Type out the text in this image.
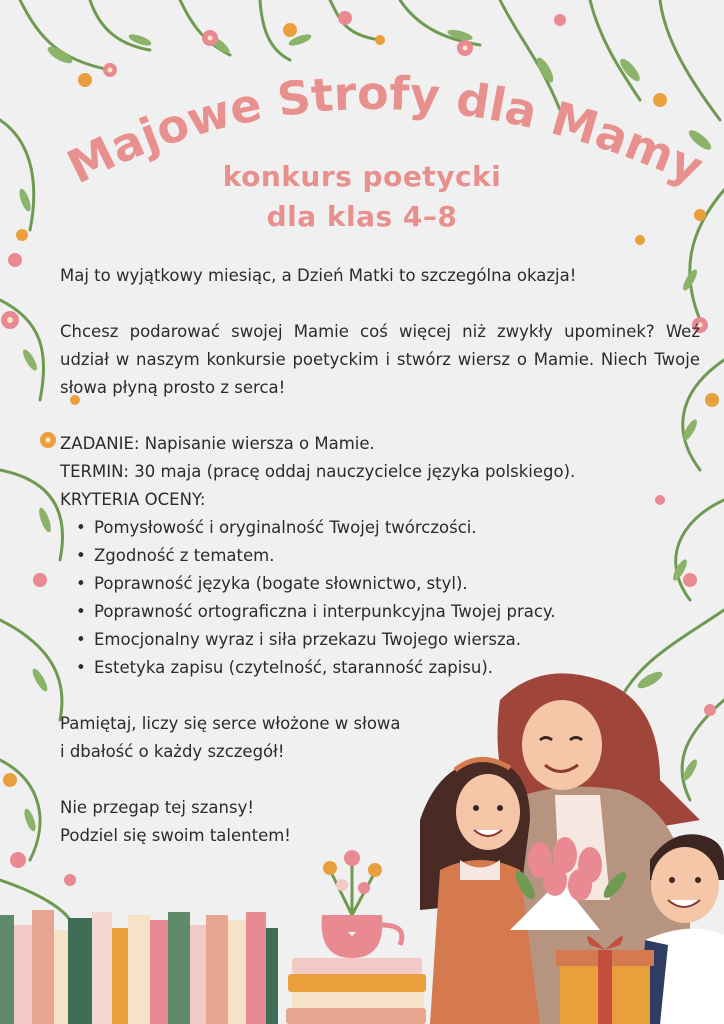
Majowe Strofy dla Mamy
konkurs poetycki
dla klas 4–8

Maj to wyjątkowy miesiąc, a Dzień Matki to szczególna okazja!

Chcesz podarować swojej Mamie coś więcej niż zwykły upominek? Weź udział w naszym konkursie poetyckim i stwórz wiersz o Mamie. Niech Twoje słowa płyną prosto z serca!

ZADANIE: Napisanie wiersza o Mamie.

TERMIN: 30 maja (pracę oddaj nauczycielce języka polskiego).

KRYTERIA OCENY:

• Pomysłowość i oryginalność Twojej twórczości.
• Zgodność z tematem.
• Poprawność języka (bogate słownictwo, styl).
• Poprawność ortograficzna i interpunkcyjna Twojej pracy.
• Emocjonalny wyraz i siła przekazu Twojego wiersza.
• Estetyka zapisu (czytelność, staranność zapisu).

Pamiętaj, liczy się serce włożone w słowa

i dbałość o każdy szczegół!

Nie przegap tej szansy!

Podziel się swoim talentem!
